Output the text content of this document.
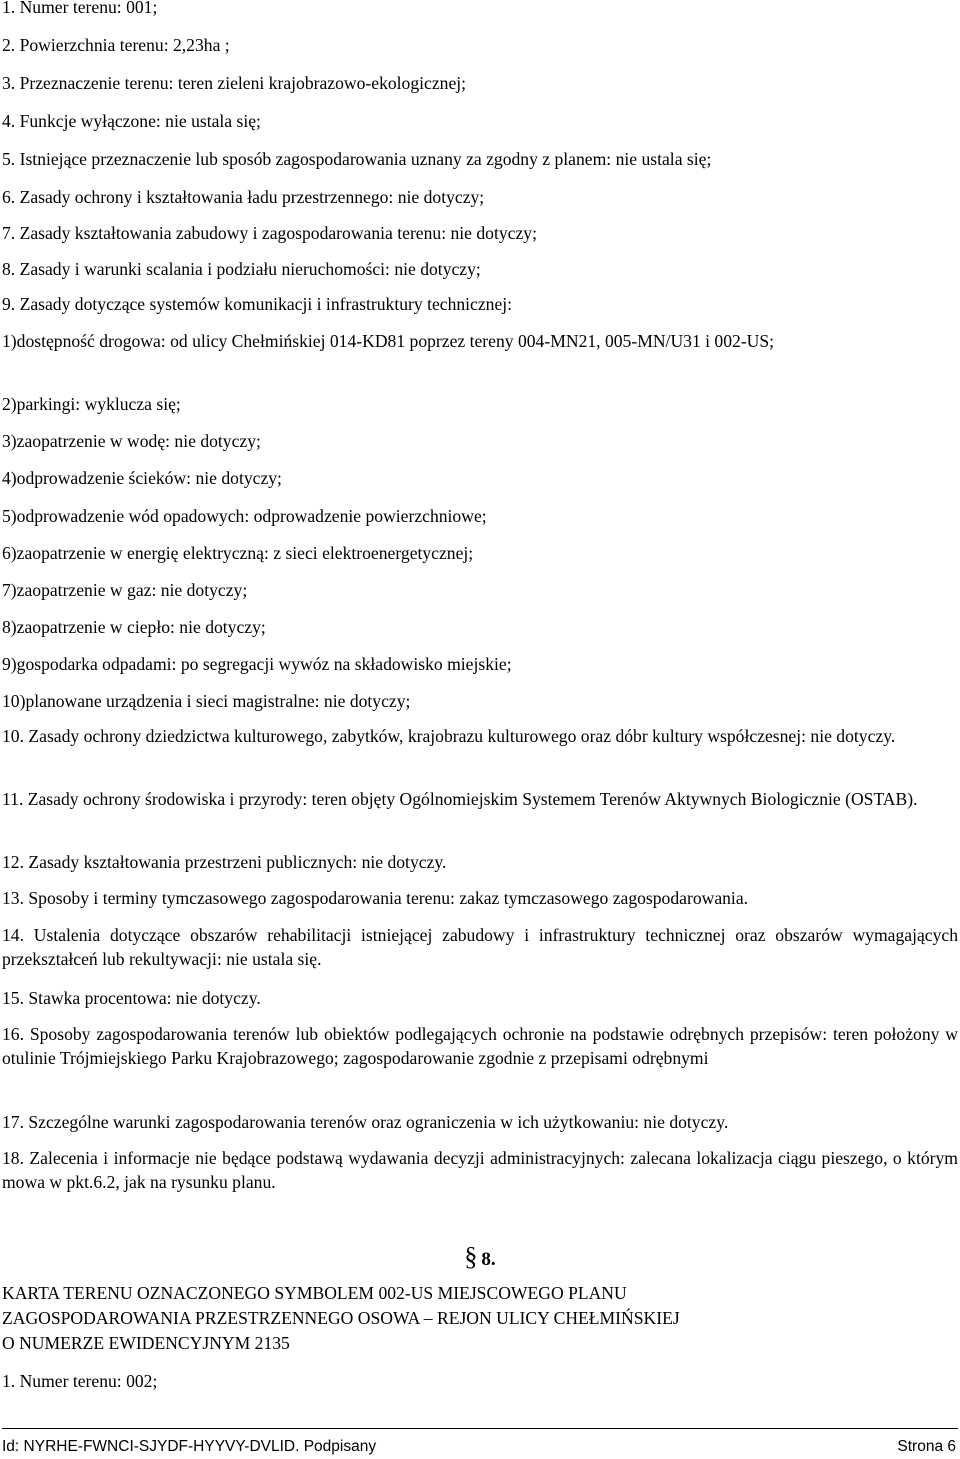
1. Numer terenu: 001;
2. Powierzchnia terenu: 2,23ha ;
3. Przeznaczenie terenu: teren zieleni krajobrazowo-ekologicznej;
4. Funkcje wyłączone: nie ustala się;
5. Istniejące przeznaczenie lub sposób zagospodarowania uznany za zgodny z planem: nie ustala się;
6. Zasady ochrony i kształtowania ładu przestrzennego: nie dotyczy;
7. Zasady kształtowania zabudowy i zagospodarowania terenu: nie dotyczy;
8. Zasady i warunki scalania i podziału nieruchomości: nie dotyczy;
9. Zasady dotyczące systemów komunikacji i infrastruktury technicznej:
1)dostępność drogowa: od ulicy Chełmińskiej 014-KD81 poprzez tereny 004-MN21, 005-MN/U31 i 002-US;
2)parkingi: wyklucza się;
3)zaopatrzenie w wodę: nie dotyczy;
4)odprowadzenie ścieków: nie dotyczy;
5)odprowadzenie wód opadowych: odprowadzenie powierzchniowe;
6)zaopatrzenie w energię elektryczną: z sieci elektroenergetycznej;
7)zaopatrzenie w gaz: nie dotyczy;
8)zaopatrzenie w ciepło: nie dotyczy;
9)gospodarka odpadami: po segregacji wywóz na składowisko miejskie;
10)planowane urządzenia i sieci magistralne: nie dotyczy;
10. Zasady ochrony dziedzictwa kulturowego, zabytków, krajobrazu kulturowego oraz dóbr kultury współczesnej: nie dotyczy.
11. Zasady ochrony środowiska i przyrody: teren objęty Ogólnomiejskim Systemem Terenów Aktywnych Biologicznie (OSTAB).
12. Zasady kształtowania przestrzeni publicznych: nie dotyczy.
13. Sposoby i terminy tymczasowego zagospodarowania terenu: zakaz tymczasowego zagospodarowania.
14. Ustalenia dotyczące obszarów rehabilitacji istniejącej zabudowy i infrastruktury technicznej oraz obszarów wymagających przekształceń lub rekultywacji: nie ustala się.
15. Stawka procentowa: nie dotyczy.
16. Sposoby zagospodarowania terenów lub obiektów podlegających ochronie na podstawie odrębnych przepisów: teren położony w otulinie Trójmiejskiego Parku Krajobrazowego; zagospodarowanie zgodnie z przepisami odrębnymi
17. Szczególne warunki zagospodarowania terenów oraz ograniczenia w ich użytkowaniu: nie dotyczy.
18. Zalecenia i informacje nie będące podstawą wydawania decyzji administracyjnych: zalecana lokalizacja ciągu pieszego, o którym mowa w pkt.6.2, jak na rysunku planu.
§ 8.
KARTA TERENU OZNACZONEGO SYMBOLEM 002-US MIEJSCOWEGO PLANU
ZAGOSPODAROWANIA PRZESTRZENNEGO OSOWA – REJON ULICY CHEŁMIŃSKIEJ
O NUMERZE EWIDENCYJNYM 2135
1. Numer terenu: 002;
Id: NYRHE-FWNCI-SJYDF-HYYVY-DVLID. Podpisany	Strona 6
